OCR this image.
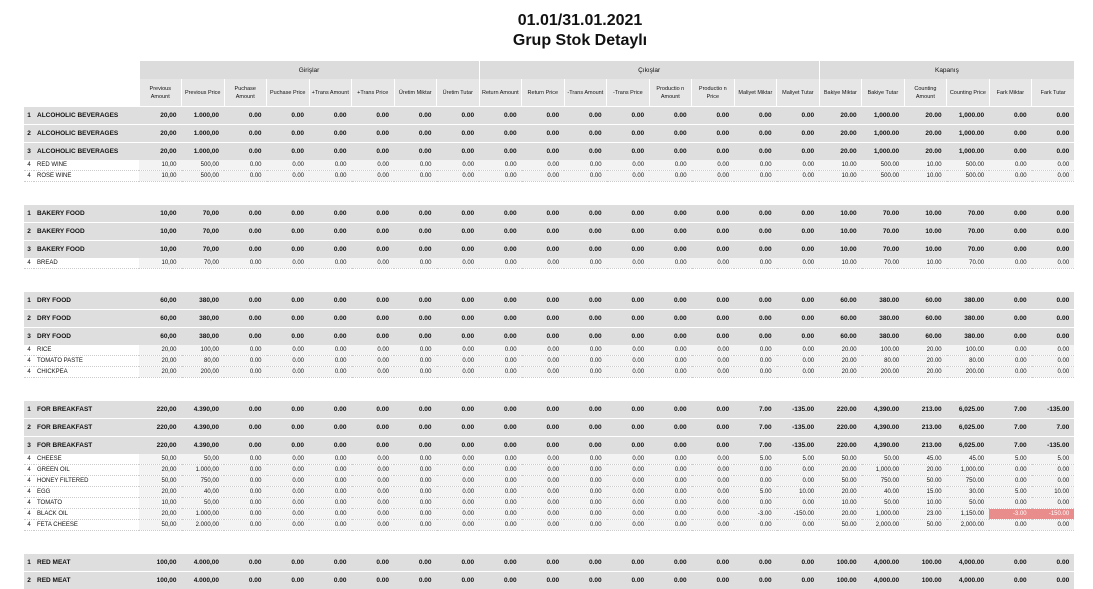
01.01/31.01.2021
Grup Stok Detaylı
		Girişlar								Çıkışlar								Kapanış					
		Previous Amount	Previous Price	Puchase Amount	Puchase Price	+Trans Amount	+Trans Price	Üretim Miktar	Üretim Tutar	Return Amount	Return Price	-Trans Amount	-Trans Price	Productio n Amount	Productio n Price	Maliyet Miktar	Maliyet Tutar	Bakiye Miktar	Bakiye Tutar	Counting Amount	Counting Price	Fark Miktar	Fark Tutar
1	ALCOHOLIC BEVERAGES	20,00	1.000,00	0.00	0.00	0.00	0.00	0.00	0.00	0.00	0.00	0.00	0.00	0.00	0.00	0.00	0.00	20.00	1,000.00	20.00	1,000.00	0.00	0.00
2	ALCOHOLIC BEVERAGES	20,00	1.000,00	0.00	0.00	0.00	0.00	0.00	0.00	0.00	0.00	0.00	0.00	0.00	0.00	0.00	0.00	20.00	1,000.00	20.00	1,000.00	0.00	0.00
3	ALCOHOLIC BEVERAGES	20,00	1.000,00	0.00	0.00	0.00	0.00	0.00	0.00	0.00	0.00	0.00	0.00	0.00	0.00	0.00	0.00	20.00	1,000.00	20.00	1,000.00	0.00	0.00
4	RED WINE	10,00	500,00	0.00	0.00	0.00	0.00	0.00	0.00	0.00	0.00	0.00	0.00	0.00	0.00	0.00	0.00	10.00	500.00	10.00	500.00	0.00	0.00
4	ROSE WINE	10,00	500,00	0.00	0.00	0.00	0.00	0.00	0.00	0.00	0.00	0.00	0.00	0.00	0.00	0.00	0.00	10.00	500.00	10.00	500.00	0.00	0.00

1	BAKERY FOOD	10,00	70,00	0.00	0.00	0.00	0.00	0.00	0.00	0.00	0.00	0.00	0.00	0.00	0.00	0.00	0.00	10.00	70.00	10.00	70.00	0.00	0.00
2	BAKERY FOOD	10,00	70,00	0.00	0.00	0.00	0.00	0.00	0.00	0.00	0.00	0.00	0.00	0.00	0.00	0.00	0.00	10.00	70.00	10.00	70.00	0.00	0.00
3	BAKERY FOOD	10,00	70,00	0.00	0.00	0.00	0.00	0.00	0.00	0.00	0.00	0.00	0.00	0.00	0.00	0.00	0.00	10.00	70.00	10.00	70.00	0.00	0.00
4	BREAD	10,00	70,00	0.00	0.00	0.00	0.00	0.00	0.00	0.00	0.00	0.00	0.00	0.00	0.00	0.00	0.00	10.00	70.00	10.00	70.00	0.00	0.00

1	DRY FOOD	60,00	380,00	0.00	0.00	0.00	0.00	0.00	0.00	0.00	0.00	0.00	0.00	0.00	0.00	0.00	0.00	60.00	380.00	60.00	380.00	0.00	0.00
2	DRY FOOD	60,00	380,00	0.00	0.00	0.00	0.00	0.00	0.00	0.00	0.00	0.00	0.00	0.00	0.00	0.00	0.00	60.00	380.00	60.00	380.00	0.00	0.00
3	DRY FOOD	60,00	380,00	0.00	0.00	0.00	0.00	0.00	0.00	0.00	0.00	0.00	0.00	0.00	0.00	0.00	0.00	60.00	380.00	60.00	380.00	0.00	0.00
4	RICE	20,00	100,00	0.00	0.00	0.00	0.00	0.00	0.00	0.00	0.00	0.00	0.00	0.00	0.00	0.00	0.00	20.00	100.00	20.00	100.00	0.00	0.00
4	TOMATO PASTE	20,00	80,00	0.00	0.00	0.00	0.00	0.00	0.00	0.00	0.00	0.00	0.00	0.00	0.00	0.00	0.00	20.00	80.00	20.00	80.00	0.00	0.00
4	CHICKPEA	20,00	200,00	0.00	0.00	0.00	0.00	0.00	0.00	0.00	0.00	0.00	0.00	0.00	0.00	0.00	0.00	20.00	200.00	20.00	200.00	0.00	0.00

1	FOR BREAKFAST	220,00	4.390,00	0.00	0.00	0.00	0.00	0.00	0.00	0.00	0.00	0.00	0.00	0.00	0.00	7.00	-135.00	220.00	4,390.00	213.00	6,025.00	7.00	-135.00
2	FOR BREAKFAST	220,00	4.390,00	0.00	0.00	0.00	0.00	0.00	0.00	0.00	0.00	0.00	0.00	0.00	0.00	7.00	-135.00	220.00	4,390.00	213.00	6,025.00	7.00	7.00
3	FOR BREAKFAST	220,00	4.390,00	0.00	0.00	0.00	0.00	0.00	0.00	0.00	0.00	0.00	0.00	0.00	0.00	7.00	-135.00	220.00	4,390.00	213.00	6,025.00	7.00	-135.00
4	CHEESE	50,00	50,00	0.00	0.00	0.00	0.00	0.00	0.00	0.00	0.00	0.00	0.00	0.00	0.00	5.00	5.00	50.00	50.00	45.00	45.00	5.00	5.00
4	GREEN OIL	20,00	1.000,00	0.00	0.00	0.00	0.00	0.00	0.00	0.00	0.00	0.00	0.00	0.00	0.00	0.00	0.00	20.00	1,000.00	20.00	1,000.00	0.00	0.00
4	HONEY FILTERED	50,00	750,00	0.00	0.00	0.00	0.00	0.00	0.00	0.00	0.00	0.00	0.00	0.00	0.00	0.00	0.00	50.00	750.00	50.00	750.00	0.00	0.00
4	EGG	20,00	40,00	0.00	0.00	0.00	0.00	0.00	0.00	0.00	0.00	0.00	0.00	0.00	0.00	5.00	10.00	20.00	40.00	15.00	30.00	5.00	10.00
4	TOMATO	10,00	50,00	0.00	0.00	0.00	0.00	0.00	0.00	0.00	0.00	0.00	0.00	0.00	0.00	0.00	0.00	10.00	50.00	10.00	50.00	0.00	0.00
4	BLACK OIL	20,00	1.000,00	0.00	0.00	0.00	0.00	0.00	0.00	0.00	0.00	0.00	0.00	0.00	0.00	-3.00	-150.00	20.00	1,000.00	23.00	1,150.00	-3.00	-150.00
4	FETA CHEESE	50,00	2.000,00	0.00	0.00	0.00	0.00	0.00	0.00	0.00	0.00	0.00	0.00	0.00	0.00	0.00	0.00	50.00	2,000.00	50.00	2,000.00	0.00	0.00

1	RED MEAT	100,00	4.000,00	0.00	0.00	0.00	0.00	0.00	0.00	0.00	0.00	0.00	0.00	0.00	0.00	0.00	0.00	100.00	4,000.00	100.00	4,000.00	0.00	0.00
2	RED MEAT	100,00	4.000,00	0.00	0.00	0.00	0.00	0.00	0.00	0.00	0.00	0.00	0.00	0.00	0.00	0.00	0.00	100.00	4,000.00	100.00	4,000.00	0.00	0.00
